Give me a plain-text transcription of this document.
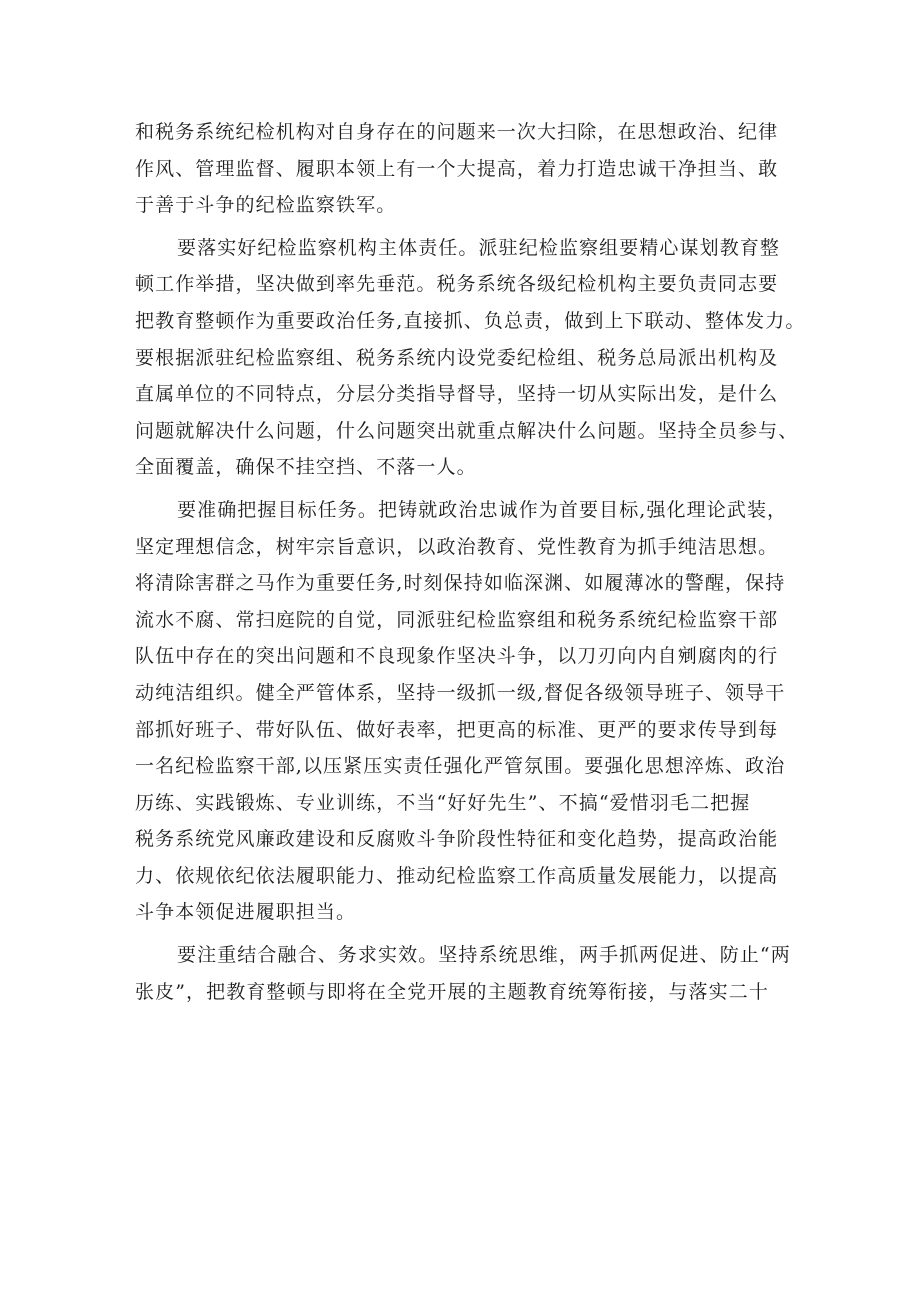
和税务系统纪检机构对自身存在的问题来一次大扫除，在思想政治、纪律
作风、管理监督、履职本领上有一个大提高，着力打造忠诚干净担当、敢
于善于斗争的纪检监察铁军。
要落实好纪检监察机构主体责任。派驻纪检监察组要精心谋划教育整
顿工作举措，坚决做到率先垂范。税务系统各级纪检机构主要负责同志要
把教育整顿作为重要政治任务,直接抓、负总责，做到上下联动、整体发力。
要根据派驻纪检监察组、税务系统内设党委纪检组、税务总局派出机构及
直属单位的不同特点，分层分类指导督导，坚持一切从实际出发，是什么
问题就解决什么问题，什么问题突出就重点解决什么问题。坚持全员参与、
全面覆盖，确保不挂空挡、不落一人。
要准确把握目标任务。把铸就政治忠诚作为首要目标,强化理论武装，
坚定理想信念，树牢宗旨意识，以政治教育、党性教育为抓手纯洁思想。
将清除害群之马作为重要任务,时刻保持如临深渊、如履薄冰的警醒，保持
流水不腐、常扫庭院的自觉，同派驻纪检监察组和税务系统纪检监察干部
队伍中存在的突出问题和不良现象作坚决斗争，以刀刃向内自剜腐肉的行
动纯洁组织。健全严管体系，坚持一级抓一级,督促各级领导班子、领导干
部抓好班子、带好队伍、做好表率，把更高的标准、更严的要求传导到每
一名纪检监察干部,以压紧压实责任强化严管氛围。要强化思想淬炼、政治
历练、实践锻炼、专业训练，不当“好好先生”、不搞“爱惜羽毛二把握
税务系统党风廉政建设和反腐败斗争阶段性特征和变化趋势，提高政治能
力、依规依纪依法履职能力、推动纪检监察工作高质量发展能力，以提高
斗争本领促进履职担当。
要注重结合融合、务求实效。坚持系统思维，两手抓两促进、防止“两
张皮”，把教育整顿与即将在全党开展的主题教育统筹衔接，与落实二十
